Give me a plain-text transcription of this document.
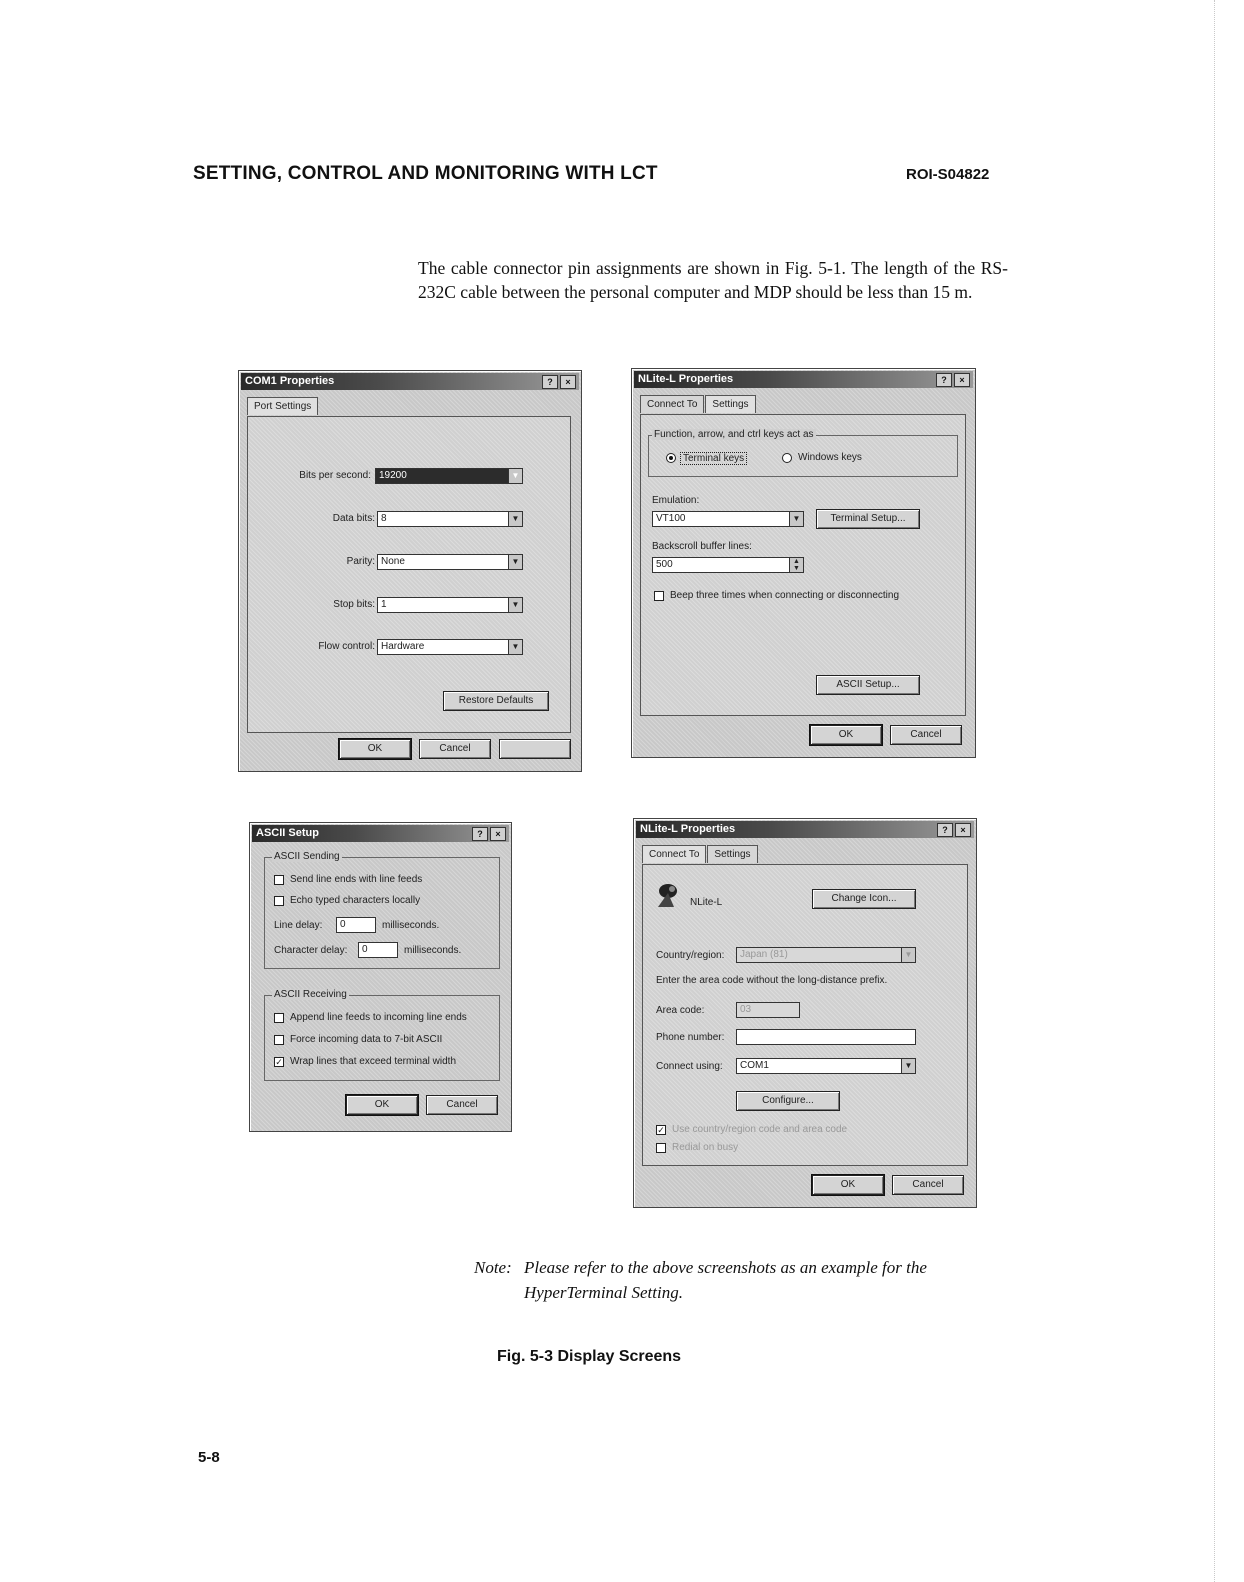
SETTING, CONTROL AND MONITORING WITH LCT	ROI-S04822

The cable connector pin assignments are shown in Fig. 5-1. The length of the RS-232C cable between the personal computer and MDP should be less than 15 m.

COM1 Properties	?	×
Port Settings
Bits per second: 19200	▼
Data bits: 8	▼
Parity: None	▼
Stop bits: 1	▼
Flow control: Hardware	▼
Restore Defaults
OK	Cancel
NLite-L Properties	?	×
Connect To	Settings
Function, arrow, and ctrl keys act as
Terminal keys	Windows keys
Emulation:
VT100	▼	Terminal Setup...
Backscroll buffer lines:
500	▲
▼
Beep three times when connecting or disconnecting
ASCII Setup...
OK	Cancel
ASCII Setup	?	×
ASCII Sending
Send line ends with line feeds
Echo typed characters locally
Line delay:	0	milliseconds.
Character delay:	0	milliseconds.
ASCII Receiving
Append line feeds to incoming line ends
Force incoming data to 7-bit ASCII
✓ Wrap lines that exceed terminal width
OK	Cancel
NLite-L Properties	?	×
Connect To	Settings
NLite-L	Change Icon...
Country/region:	Japan (81)	▼
Enter the area code without the long-distance prefix.
Area code:	03
Phone number:
Connect using:	COM1	▼
Configure...
✓ Use country/region code and area code
Redial on busy
OK	Cancel
Note: Please refer to the above screenshots as an example for the
HyperTerminal Setting.
Fig. 5-3 Display Screens
5-8
